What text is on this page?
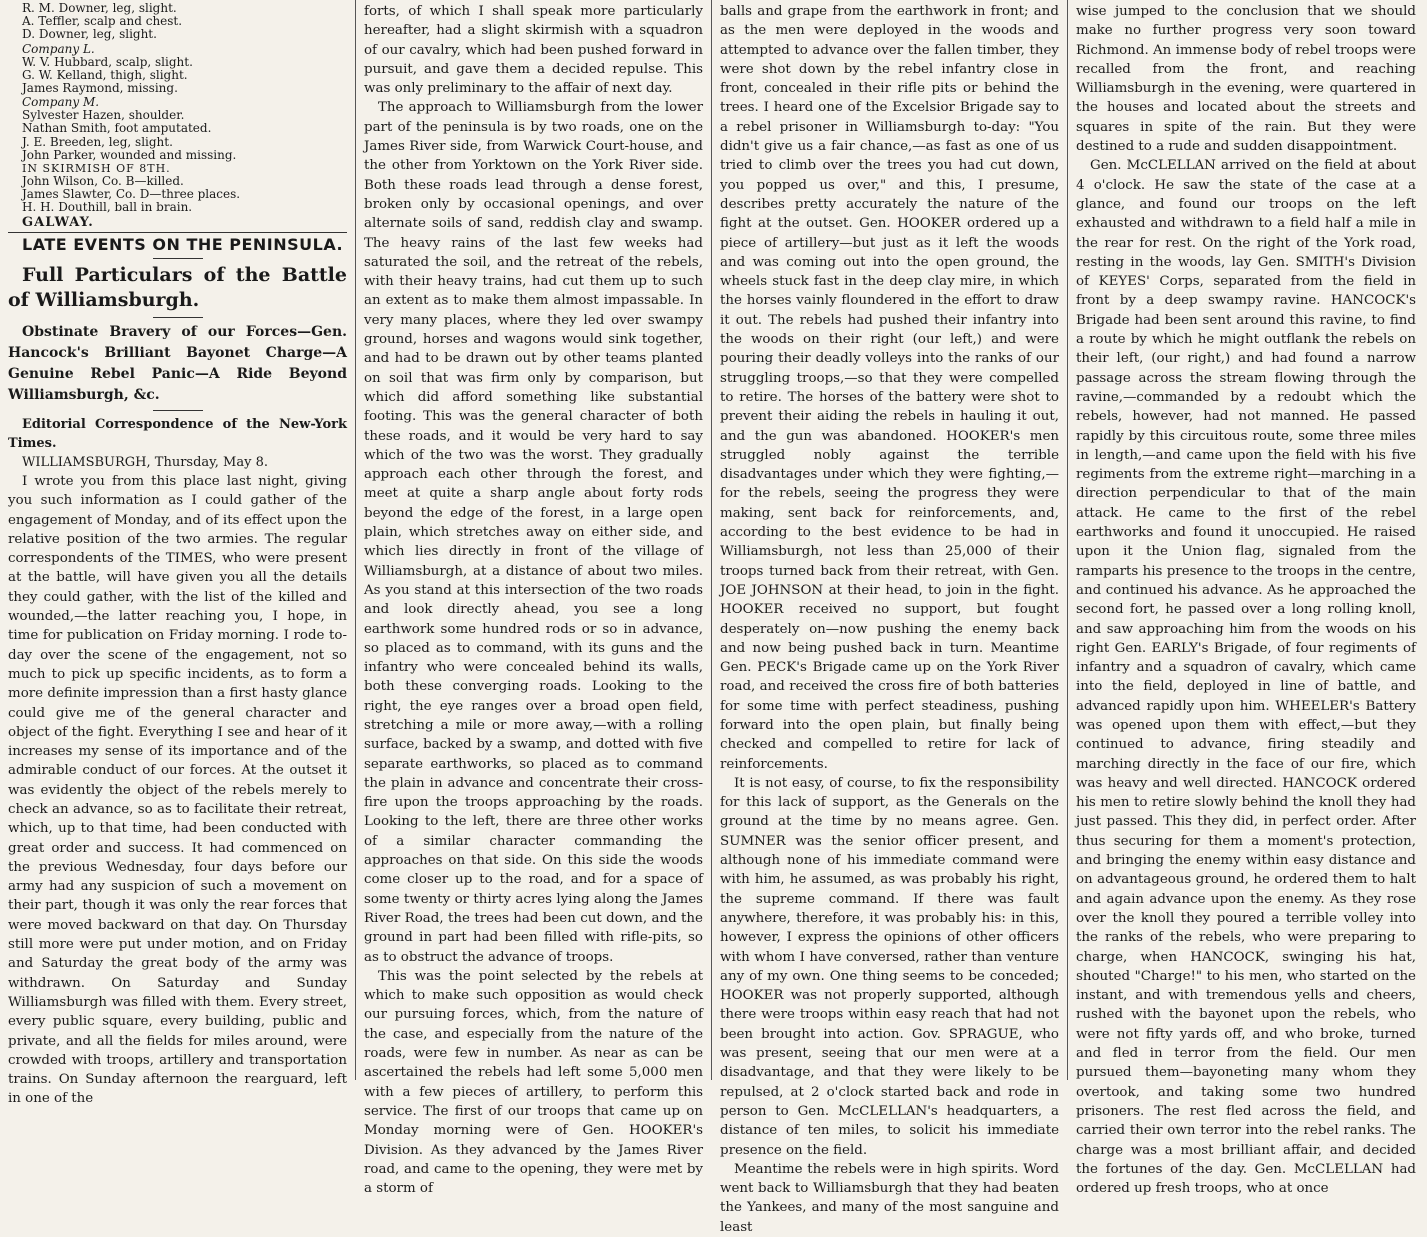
R. M. Downer, leg, slight.

A. Teffler, scalp and chest.

D. Downer, leg, slight.

Company L.

W. V. Hubbard, scalp, slight.

G. W. Kelland, thigh, slight.

James Raymond, missing.

Company M.

Sylvester Hazen, shoulder.

Nathan Smith, foot amputated.

J. E. Breeden, leg, slight.

John Parker, wounded and missing.

IN SKIRMISH OF 8TH.

John Wilson, Co. B—killed.

James Slawter, Co. D—three places.

H. H. Douthill, ball in brain.

GALWAY.

LATE EVENTS ON THE PENINSULA.

Full Particulars of the Battle of Williamsburgh.

Obstinate Bravery of our Forces—Gen. Hancock's Brilliant Bayonet Charge—A Genuine Rebel Panic—A Ride Beyond Williamsburgh, &c.

Editorial Correspondence of the New-York Times.

WILLIAMSBURGH, Thursday, May 8.

I wrote you from this place last night, giving you such information as I could gather of the engagement of Monday, and of its effect upon the relative position of the two armies. The regular correspondents of the TIMES, who were present at the battle, will have given you all the details they could gather, with the list of the killed and wounded,—the latter reaching you, I hope, in time for publication on Friday morning. I rode to-day over the scene of the engagement, not so much to pick up specific incidents, as to form a more definite impression than a first hasty glance could give me of the general character and object of the fight. Everything I see and hear of it increases my sense of its importance and of the admirable conduct of our forces. At the outset it was evidently the object of the rebels merely to check an advance, so as to facilitate their retreat, which, up to that time, had been conducted with great order and success. It had commenced on the previous Wednesday, four days before our army had any suspicion of such a movement on their part, though it was only the rear forces that were moved backward on that day. On Thursday still more were put under motion, and on Friday and Saturday the great body of the army was withdrawn. On Saturday and Sunday Williamsburgh was filled with them. Every street, every public square, every building, public and private, and all the fields for miles around, were crowded with troops, artillery and transportation trains. On Sunday afternoon the rearguard, left in one of the

forts, of which I shall speak more particularly hereafter, had a slight skirmish with a squadron of our cavalry, which had been pushed forward in pursuit, and gave them a decided repulse. This was only preliminary to the affair of next day.

The approach to Williamsburgh from the lower part of the peninsula is by two roads, one on the James River side, from Warwick Court-house, and the other from Yorktown on the York River side. Both these roads lead through a dense forest, broken only by occasional openings, and over alternate soils of sand, reddish clay and swamp. The heavy rains of the last few weeks had saturated the soil, and the retreat of the rebels, with their heavy trains, had cut them up to such an extent as to make them almost impassable. In very many places, where they led over swampy ground, horses and wagons would sink together, and had to be drawn out by other teams planted on soil that was firm only by comparison, but which did afford something like substantial footing. This was the general character of both these roads, and it would be very hard to say which of the two was the worst. They gradually approach each other through the forest, and meet at quite a sharp angle about forty rods beyond the edge of the forest, in a large open plain, which stretches away on either side, and which lies directly in front of the village of Williamsburgh, at a distance of about two miles. As you stand at this intersection of the two roads and look directly ahead, you see a long earthwork some hundred rods or so in advance, so placed as to command, with its guns and the infantry who were concealed behind its walls, both these converging roads. Looking to the right, the eye ranges over a broad open field, stretching a mile or more away,—with a rolling surface, backed by a swamp, and dotted with five separate earthworks, so placed as to command the plain in advance and concentrate their cross-fire upon the troops approaching by the roads. Looking to the left, there are three other works of a similar character commanding the approaches on that side. On this side the woods come closer up to the road, and for a space of some twenty or thirty acres lying along the James River Road, the trees had been cut down, and the ground in part had been filled with rifle-pits, so as to obstruct the advance of troops.

This was the point selected by the rebels at which to make such opposition as would check our pursuing forces, which, from the nature of the case, and especially from the nature of the roads, were few in number. As near as can be ascertained the rebels had left some 5,000 men with a few pieces of artillery, to perform this service. The first of our troops that came up on Monday morning were of Gen. HOOKER's Division. As they advanced by the James River road, and came to the opening, they were met by a storm of

balls and grape from the earthwork in front; and as the men were deployed in the woods and attempted to advance over the fallen timber, they were shot down by the rebel infantry close in front, concealed in their rifle pits or behind the trees. I heard one of the Excelsior Brigade say to a rebel prisoner in Williamsburgh to-day: "You didn't give us a fair chance,—as fast as one of us tried to climb over the trees you had cut down, you popped us over," and this, I presume, describes pretty accurately the nature of the fight at the outset. Gen. HOOKER ordered up a piece of artillery—but just as it left the woods and was coming out into the open ground, the wheels stuck fast in the deep clay mire, in which the horses vainly floundered in the effort to draw it out. The rebels had pushed their infantry into the woods on their right (our left,) and were pouring their deadly volleys into the ranks of our struggling troops,—so that they were compelled to retire. The horses of the battery were shot to prevent their aiding the rebels in hauling it out, and the gun was abandoned. HOOKER's men struggled nobly against the terrible disadvantages under which they were fighting,—for the rebels, seeing the progress they were making, sent back for reinforcements, and, according to the best evidence to be had in Williamsburgh, not less than 25,000 of their troops turned back from their retreat, with Gen. JOE JOHNSON at their head, to join in the fight. HOOKER received no support, but fought desperately on—now pushing the enemy back and now being pushed back in turn. Meantime Gen. PECK's Brigade came up on the York River road, and received the cross fire of both batteries for some time with perfect steadiness, pushing forward into the open plain, but finally being checked and compelled to retire for lack of reinforcements.

It is not easy, of course, to fix the responsibility for this lack of support, as the Generals on the ground at the time by no means agree. Gen. SUMNER was the senior officer present, and although none of his immediate command were with him, he assumed, as was probably his right, the supreme command. If there was fault anywhere, therefore, it was probably his: in this, however, I express the opinions of other officers with whom I have conversed, rather than venture any of my own. One thing seems to be conceded; HOOKER was not properly supported, although there were troops within easy reach that had not been brought into action. Gov. SPRAGUE, who was present, seeing that our men were at a disadvantage, and that they were likely to be repulsed, at 2 o'clock started back and rode in person to Gen. McCLELLAN's headquarters, a distance of ten miles, to solicit his immediate presence on the field.

Meantime the rebels were in high spirits. Word went back to Williamsburgh that they had beaten the Yankees, and many of the most sanguine and least

wise jumped to the conclusion that we should make no further progress very soon toward Richmond. An immense body of rebel troops were recalled from the front, and reaching Williamsburgh in the evening, were quartered in the houses and located about the streets and squares in spite of the rain. But they were destined to a rude and sudden disappointment.

Gen. McCLELLAN arrived on the field at about 4 o'clock. He saw the state of the case at a glance, and found our troops on the left exhausted and withdrawn to a field half a mile in the rear for rest. On the right of the York road, resting in the woods, lay Gen. SMITH's Division of KEYES' Corps, separated from the field in front by a deep swampy ravine. HANCOCK's Brigade had been sent around this ravine, to find a route by which he might outflank the rebels on their left, (our right,) and had found a narrow passage across the stream flowing through the ravine,—commanded by a redoubt which the rebels, however, had not manned. He passed rapidly by this circuitous route, some three miles in length,—and came upon the field with his five regiments from the extreme right—marching in a direction perpendicular to that of the main attack. He came to the first of the rebel earthworks and found it unoccupied. He raised upon it the Union flag, signaled from the ramparts his presence to the troops in the centre, and continued his advance. As he approached the second fort, he passed over a long rolling knoll, and saw approaching him from the woods on his right Gen. EARLY's Brigade, of four regiments of infantry and a squadron of cavalry, which came into the field, deployed in line of battle, and advanced rapidly upon him. WHEELER's Battery was opened upon them with effect,—but they continued to advance, firing steadily and marching directly in the face of our fire, which was heavy and well directed. HANCOCK ordered his men to retire slowly behind the knoll they had just passed. This they did, in perfect order. After thus securing for them a moment's protection, and bringing the enemy within easy distance and on advantageous ground, he ordered them to halt and again advance upon the enemy. As they rose over the knoll they poured a terrible volley into the ranks of the rebels, who were preparing to charge, when HANCOCK, swinging his hat, shouted "Charge!" to his men, who started on the instant, and with tremendous yells and cheers, rushed with the bayonet upon the rebels, who were not fifty yards off, and who broke, turned and fled in terror from the field. Our men pursued them—bayoneting many whom they overtook, and taking some two hundred prisoners. The rest fled across the field, and carried their own terror into the rebel ranks. The charge was a most brilliant affair, and decided the fortunes of the day. Gen. McCLELLAN had ordered up fresh troops, who at once
